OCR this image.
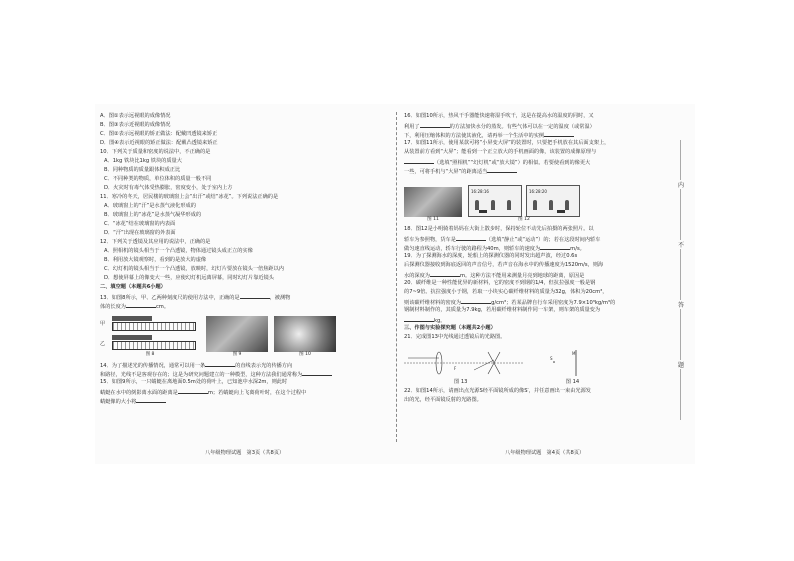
A．图①表示远视眼的成像情况
B．图③表示近视眼的成像情况
C．图②表示远视眼的矫正做法：配戴凹透镜来矫正
D．图④表示近视眼的矫正做法：配戴凸透镜来矫正
10．下列关于质量和密度的说法中，不正确的是
A．1kg 铁块比1kg 铁块的质量大
B．同种物质的质量跟体积成正比
C．不同种类的物质，单位体积的质量一般不同
D．火灾时有毒气体受热膨胀，密度变小，处于室内上方
11．寒冷的冬天，居民楼的玻璃窗上会“出汗”或结“冰花”。下列说法正确的是
A．玻璃窗上的“汗”是水蒸气液化形成的
B．玻璃窗上的“冰花”是水蒸气凝华形成的
C．“冰花”结在玻璃窗的内表面
D．“汗”出现在玻璃窗的外表面
12．下列关于透镜及其应用的说法中，正确的是
A．照相机的镜头相当于一个凸透镜，物体通过镜头成正立的实像
B．利用放大镜观察时，看到的是放大的虚像
C．幻灯机的镜头相当于一个凸透镜，放映时，幻灯片要放在镜头一倍焦距以内
D．想使屏幕上的像变大一些，应使幻灯机远离屏幕，同时幻灯片靠近镜头
二、填空题（本题共6小题）
13．如图8所示，甲、乙两种刻度尺的使用方法中，正确的是	，被测物
体的长度为	cm。
甲
乙
图 8	图 9	图 10
14．为了描述光的传播情况，通常可以用一条	的直线表示光的传播方向
和路径，光线不是客观存在的；这是为研究问题建立的一种模型，这种方法我们通常称为
15．如图9所示，一只蜻蜓在离地面0.5m处的荷叶上，已知池中水深2m，则此时
蜻蜓在水中的倒影离水面的距离是	m；若蜻蜓向上飞离荷叶时，在这个过程中
蜻蜓像的大小将
八年级物理试题　第3页（共8页）
16．如图10所示，热风干手器能快速将湿手吹干，这是在提高水的温度的同时，又
利用了	的方法加快水分的蒸发。有些气体可以在一定的温度（或常温）
下，利用压缩体积的方法使其液化，请再举一个生活中的实例
17．如图11所示，使用某款可将“小屏变大屏”的装置时，只要把手机放在其后面支架上，
从装置前方看到“大屏”；能看到一个正立放大的手机画面的像，该装置的成像原理与
（选填“照相机”“幻灯机”或“放大镜”）的相似。若要使看到的像更大
一些，可将手机与“大屏”的距离适当
图 11
16:28:16	16:28:20
图 12
18．图12是小明骑着妈妈在大街上散步时，保持轮位不动先后拍摄的两张照片。以
轿车为参照物，货车是	（选填“静止”或“运动”）的；若在这段时间内轿车
做匀速直线运动，轿车行驶的路程为40m，则轿车的速度为	m/s。
19．为了探测海水的深度，轮船上的探测仪器的同时发出超声波，经过0.6s
后探测仪器接收到海底返回的声音信号，若声音在海水中的传播速度为1520m/s，则海
水的深度为	m。这种方法不能用来测量月亮到地球的距离，原因是
20．碳纤维是一种性能优异的新材料，它的密度不到钢的1/4，但抗拉强度一般是钢
的7~9倍。抗拉强度小于钢，若取一小块实心碳纤维材料的质量为32g，体积为20cm³，
则该碳纤维材料的密度为	g/cm³；若某品牌自行车采用密度为7.9×10³kg/m³的
钢制材料制作的，其质量为7.9kg，若用碳纤维材料制作同一车架，则车架的质量变为
kg。
三、作图与实验探究题（本题共2小题）
21．完成图13中光线通过透镜后的光路图。
F
M
S
图 13	图 14
22．如图14所示，请画出点光源S经平面镜所成的像S′，并任意画出一束由光源发
出的光，经平面镜反射的光路图。
八年级物理试题　第4页（共8页）
内
不
答
题
